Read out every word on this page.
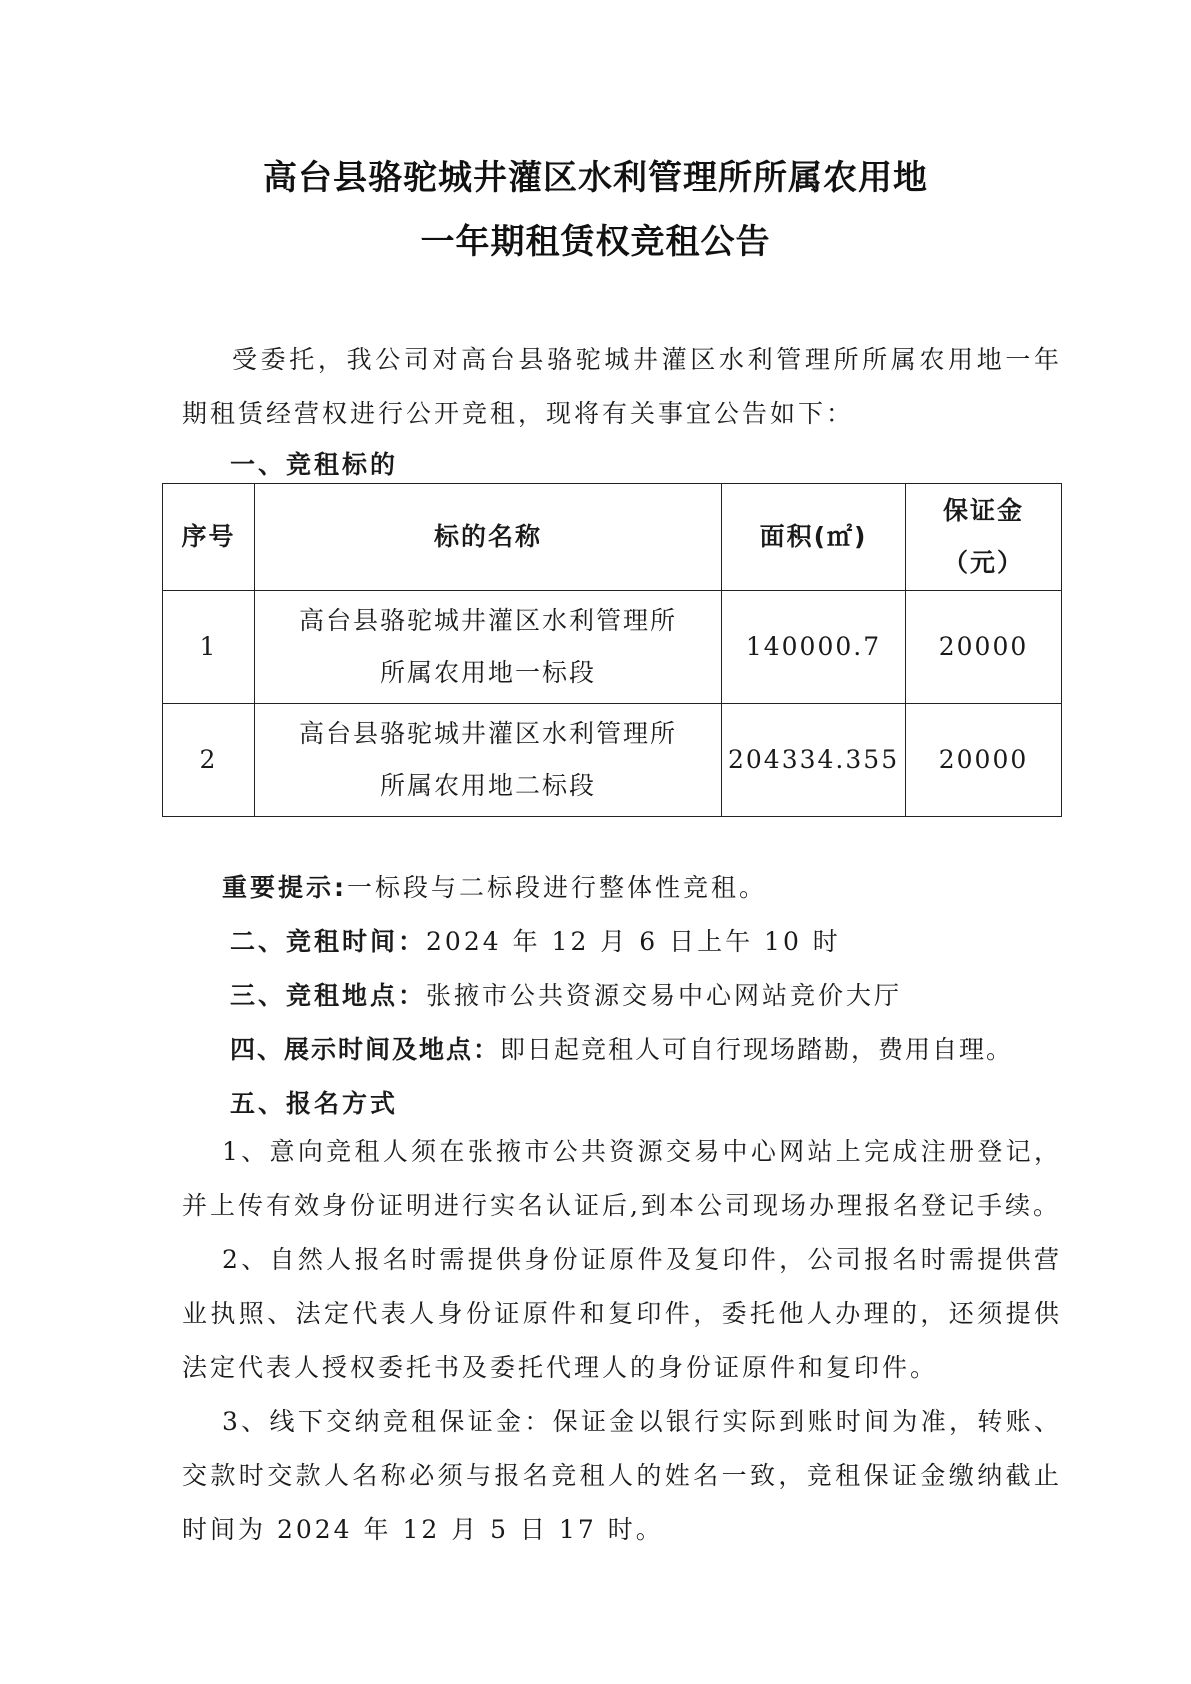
高台县骆驼城井灌区水利管理所所属农用地
一年期租赁权竞租公告
受委托，我公司对高台县骆驼城井灌区水利管理所所属农用地一年期租赁经营权进行公开竞租，现将有关事宜公告如下：
一、竞租标的
序号	标的名称	面积(㎡)	保证金（元）
1	高台县骆驼城井灌区水利管理所所属农用地一标段	140000.7	20000
2	高台县骆驼城井灌区水利管理所所属农用地二标段	204334.355	20000
重要提示:一标段与二标段进行整体性竞租。
二、竞租时间：2024 年 12 月 6 日上午 10 时
三、竞租地点：张掖市公共资源交易中心网站竞价大厅
四、展示时间及地点：即日起竞租人可自行现场踏勘，费用自理。
五、报名方式
1、意向竞租人须在张掖市公共资源交易中心网站上完成注册登记，并上传有效身份证明进行实名认证后,到本公司现场办理报名登记手续。
2、自然人报名时需提供身份证原件及复印件，公司报名时需提供营业执照、法定代表人身份证原件和复印件，委托他人办理的，还须提供法定代表人授权委托书及委托代理人的身份证原件和复印件。
3、线下交纳竞租保证金：保证金以银行实际到账时间为准，转账、交款时交款人名称必须与报名竞租人的姓名一致，竞租保证金缴纳截止时间为 2024 年 12 月 5 日 17 时。
